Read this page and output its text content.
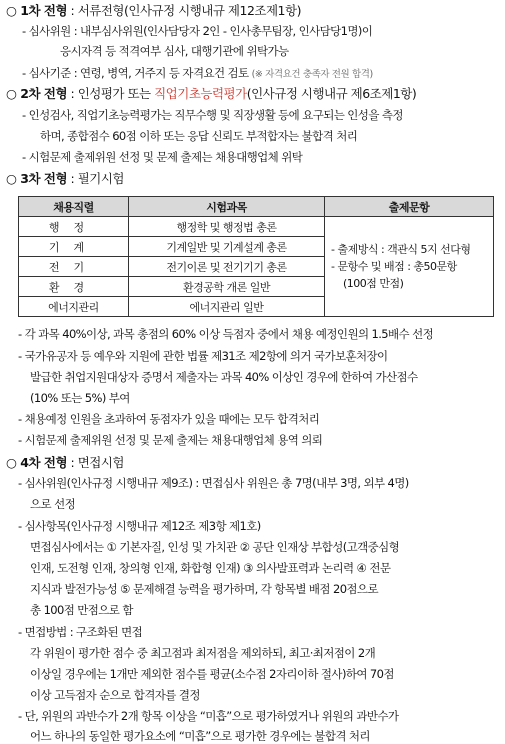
○ 1차 전형 : 서류전형(인사규정 시행내규 제12조제1항)
- 심사위원 : 내부심사위원(인사담당자 2인 - 인사총무팀장, 인사담당1명)이
응시자격 등 적격여부 심사, 대행기관에 위탁가능
- 심사기준 : 연령, 병역, 거주지 등 자격요건 검토 (※ 자격요건 충족자 전원 합격)
○ 2차 전형 : 인성평가 또는 직업기초능력평가(인사규정 시행내규 제6조제1항)
- 인성검사, 직업기초능력평가는 직무수행 및 직장생활 등에 요구되는 인성을 측정
하며, 종합점수 60점 이하 또는 응답 신뢰도 부적합자는 불합격 처리
- 시험문제 출제위원 선정 및 문제 출제는 채용대행업체 위탁
○ 3차 전형 : 필기시험
채용직렬	시험과목	출제문항
행정	행정학 및 행정법 총론	- 출제방식 : 객관식 5지 선다형
- 문항수 및 배점 : 총50문항
(100점 만점)

기계	기계일반 및 기계설계 총론	
전기	전기이론 및 전기기기 총론	
환경	환경공학 개론 일반	
에너지관리	에너지관리 일반	
- 각 과목 40%이상, 과목 총점의 60% 이상 득점자 중에서 채용 예정인원의 1.5배수 선정
- 국가유공자 등 예우와 지원에 관한 법률 제31조 제2항에 의거 국가보훈처장이
발급한 취업지원대상자 증명서 제출자는 과목 40% 이상인 경우에 한하여 가산점수
(10% 또는 5%) 부여
- 채용예정 인원을 초과하여 동점자가 있을 때에는 모두 합격처리
- 시험문제 출제위원 선정 및 문제 출제는 채용대행업체 용역 의뢰
○ 4차 전형 : 면접시험
- 심사위원(인사규정 시행내규 제9조) : 면접심사 위원은 총 7명(내부 3명, 외부 4명)
으로 선정
- 심사항목(인사규정 시행내규 제12조 제3항 제1호)
면접심사에서는 ① 기본자질, 인성 및 가치관 ② 공단 인재상 부합성(고객중심형
인재, 도전형 인재, 창의형 인재, 화합형 인재) ③ 의사발표력과 논리력 ④ 전문
지식과 발전가능성 ⑤ 문제해결 능력을 평가하며, 각 항목별 배점 20점으로
총 100점 만점으로 함
- 면접방법 : 구조화된 면접
각 위원이 평가한 점수 중 최고점과 최저점을 제외하되, 최고·최저점이 2개
이상일 경우에는 1개만 제외한 점수를 평균(소수점 2자리이하 절사)하여 70점
이상 고득점자 순으로 합격자를 결정
- 단, 위원의 과반수가 2개 항목 이상을 “미흡”으로 평가하였거나 위원의 과반수가
어느 하나의 동일한 평가요소에 “미흡”으로 평가한 경우에는 불합격 처리
